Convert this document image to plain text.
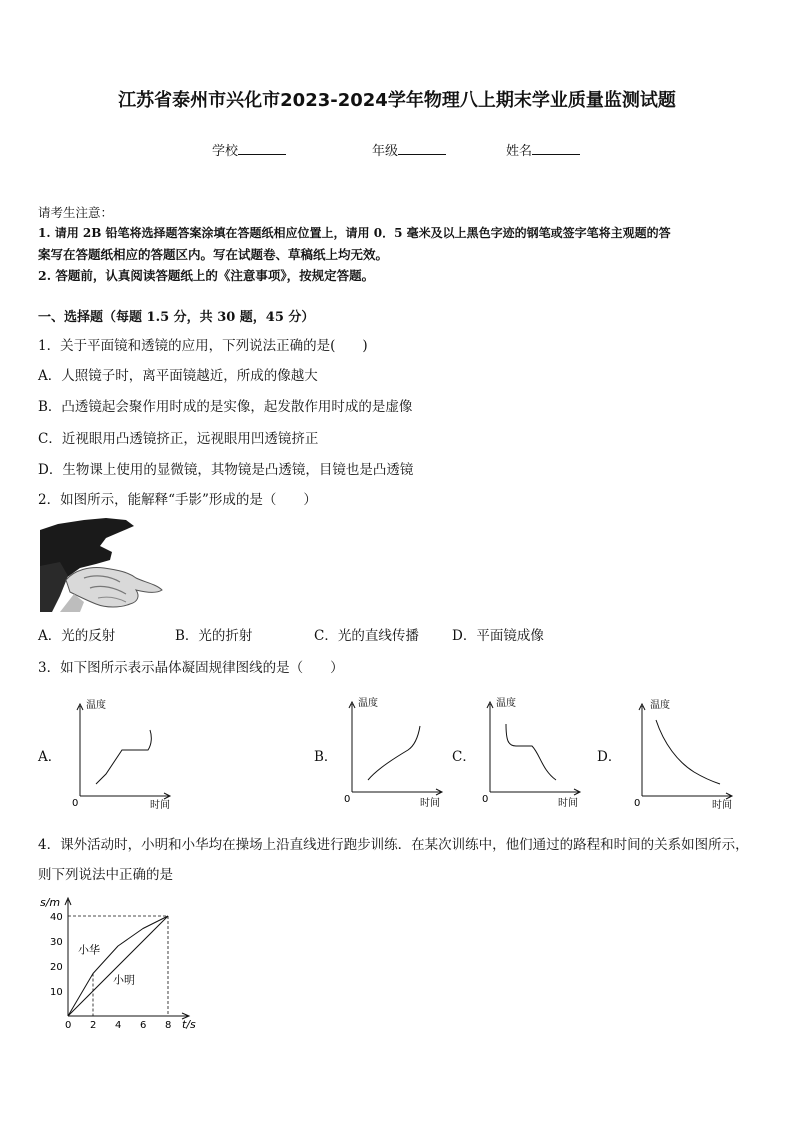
江苏省泰州市兴化市2023-2024学年物理八上期末学业质量监测试题
学校	年级	姓名
请考生注意：
1. 请用 2B 铅笔将选择题答案涂填在答题纸相应位置上，请用 0．5 毫米及以上黑色字迹的钢笔或签字笔将主观题的答
案写在答题纸相应的答题区内。写在试题卷、草稿纸上均无效。
2. 答题前，认真阅读答题纸上的《注意事项》，按规定答题。
一、选择题（每题 1.5 分，共 30 题，45 分）
1．关于平面镜和透镜的应用，下列说法正确的是(　　)
A．人照镜子时，离平面镜越近，所成的像越大
B．凸透镜起会聚作用时成的是实像，起发散作用时成的是虚像
C．近视眼用凸透镜挤正，远视眼用凹透镜挤正
D．生物课上使用的显微镜，其物镜是凸透镜，目镜也是凸透镜
2．如图所示，能解释“手影”形成的是（　　）
A．光的反射	B．光的折射	C．光的直线传播 D．平面镜成像
3．如下图所示表示晶体凝固规律图线的是（　　）
A．
温度
0	时间
B．
温度
0	时间
C．
温度
0	时间
D．
温度
0	时间
4．课外活动时，小明和小华均在操场上沿直线进行跑步训练．在某次训练中，他们通过的路程和时间的关系如图所示，
则下列说法中正确的是
s/m
t/s
0 2 4 6 8
10
20
30
40
小华
小明
